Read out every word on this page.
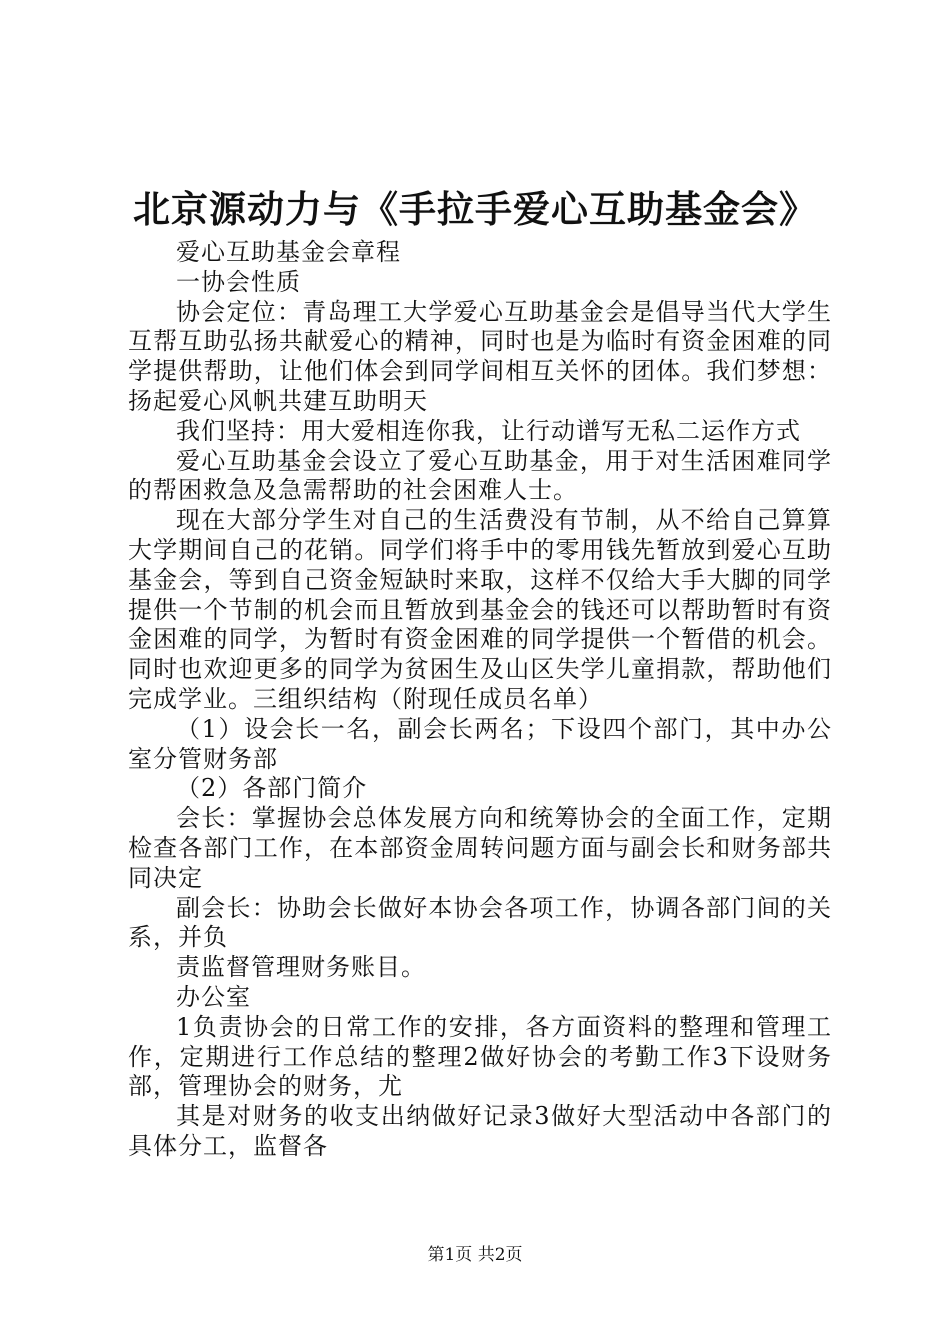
北京源动力与《手拉手爱心互助基金会》

爱心互助基金会章程

一协会性质

协会定位：青岛理工大学爱心互助基金会是倡导当代大学生互帮互助弘扬共献爱心的精神，同时也是为临时有资金困难的同学提供帮助，让他们体会到同学间相互关怀的团体。我们梦想：扬起爱心风帆共建互助明天

我们坚持：用大爱相连你我，让行动谱写无私二运作方式

爱心互助基金会设立了爱心互助基金，用于对生活困难同学的帮困救急及急需帮助的社会困难人士。

现在大部分学生对自己的生活费没有节制，从不给自己算算大学期间自己的花销。同学们将手中的零用钱先暂放到爱心互助基金会，等到自己资金短缺时来取，这样不仅给大手大脚的同学提供一个节制的机会而且暂放到基金会的钱还可以帮助暂时有资金困难的同学，为暂时有资金困难的同学提供一个暂借的机会。同时也欢迎更多的同学为贫困生及山区失学儿童捐款，帮助他们完成学业。三组织结构（附现任成员名单）

（1）设会长一名，副会长两名；下设四个部门，其中办公室分管财务部

（2）各部门简介

会长：掌握协会总体发展方向和统筹协会的全面工作，定期检查各部门工作，在本部资金周转问题方面与副会长和财务部共同决定

副会长：协助会长做好本协会各项工作，协调各部门间的关系，并负

责监督管理财务账目。

办公室

1负责协会的日常工作的安排，各方面资料的整理和管理工作，定期进行工作总结的整理2做好协会的考勤工作3下设财务部，管理协会的财务，尤

其是对财务的收支出纳做好记录3做好大型活动中各部门的具体分工，监督各

第1页 共2页
